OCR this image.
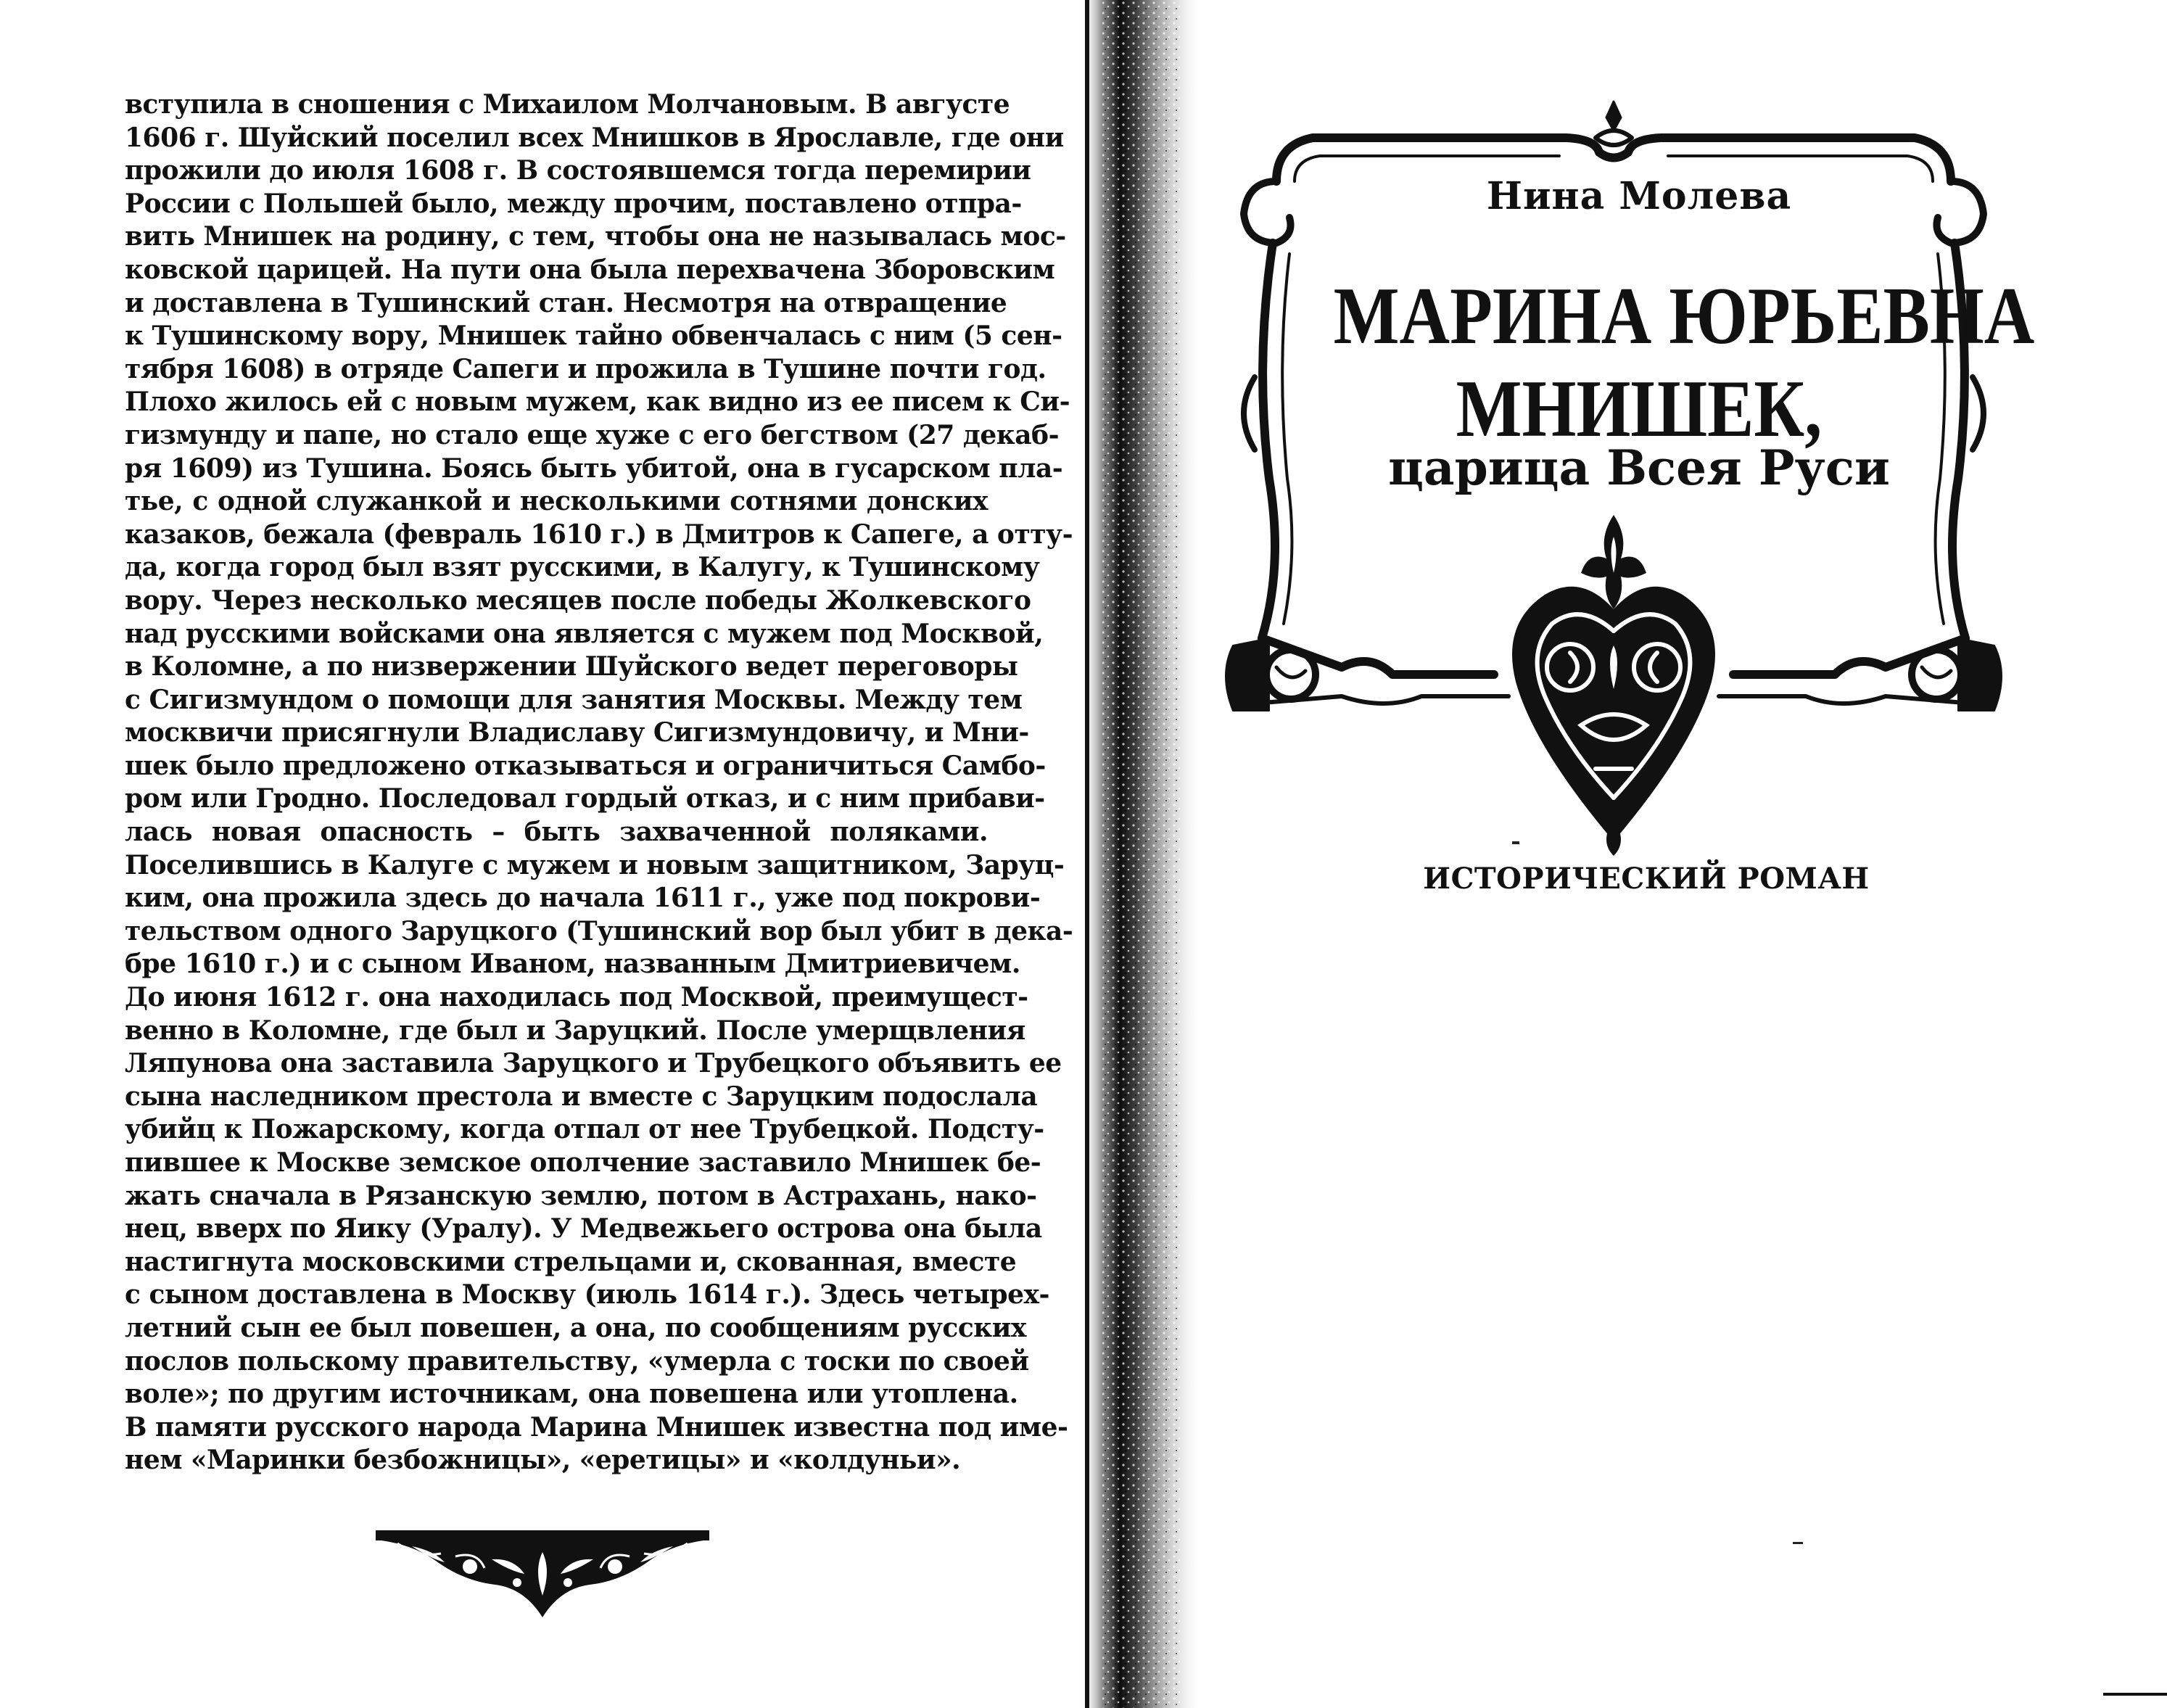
вступила в сношения с Михаилом Молчановым. В августе
1606 г. Шуйский поселил всех Мнишков в Ярославле, где они
прожили до июля 1608 г. В состоявшемся тогда перемирии
России с Польшей было, между прочим, поставлено отпра-
вить Мнишек на родину, с тем, чтобы она не называлась мос-
ковской царицей. На пути она была перехвачена Зборовским
и доставлена в Тушинский стан. Несмотря на отвращение
к Тушинскому вору, Мнишек тайно обвенчалась с ним (5 сен-
тября 1608) в отряде Сапеги и прожила в Тушине почти год.
Плохо жилось ей с новым мужем, как видно из ее писем к Си-
гизмунду и папе, но стало еще хуже с его бегством (27 декаб-
ря 1609) из Тушина. Боясь быть убитой, она в гусарском пла-
тье, с одной служанкой и несколькими сотнями донских
казаков, бежала (февраль 1610 г.) в Дмитров к Сапеге, а отту-
да, когда город был взят русскими, в Калугу, к Тушинскому
вору. Через несколько месяцев после победы Жолкевского
над русскими войсками она является с мужем под Москвой,
в Коломне, а по низвержении Шуйского ведет переговоры
с Сигизмундом о помощи для занятия Москвы. Между тем
москвичи присягнули Владиславу Сигизмундовичу, и Мни-
шек было предложено отказываться и ограничиться Самбо-
ром или Гродно. Последовал гордый отказ, и с ним прибави-
лась новая опасность – быть захваченной поляками.
Поселившись в Калуге с мужем и новым защитником, Заруц-
ким, она прожила здесь до начала 1611 г., уже под покрови-
тельством одного Заруцкого (Тушинский вор был убит в дека-
бре 1610 г.) и с сыном Иваном, названным Дмитриевичем.
До июня 1612 г. она находилась под Москвой, преимущест-
венно в Коломне, где был и Заруцкий. После умерщвления
Ляпунова она заставила Заруцкого и Трубецкого объявить ее
сына наследником престола и вместе с Заруцким подослала
убийц к Пожарскому, когда отпал от нее Трубецкой. Подсту-
пившее к Москве земское ополчение заставило Мнишек бе-
жать сначала в Рязанскую землю, потом в Астрахань, нако-
нец, вверх по Яику (Уралу). У Медвежьего острова она была
настигнута московскими стрельцами и, скованная, вместе
с сыном доставлена в Москву (июль 1614 г.). Здесь четырех-
летний сын ее был повешен, а она, по сообщениям русских
послов польскому правительству, «умерла с тоски по своей
воле»; по другим источникам, она повешена или утоплена.
В памяти русского народа Марина Мнишек известна под име-
нем «Маринки безбожницы», «еретицы» и «колдуньи».
Нина Молева
МАРИНА ЮРЬЕВНА
МНИШЕК,
царица Всея Руси
ИСТОРИЧЕСКИЙ РОМАН
